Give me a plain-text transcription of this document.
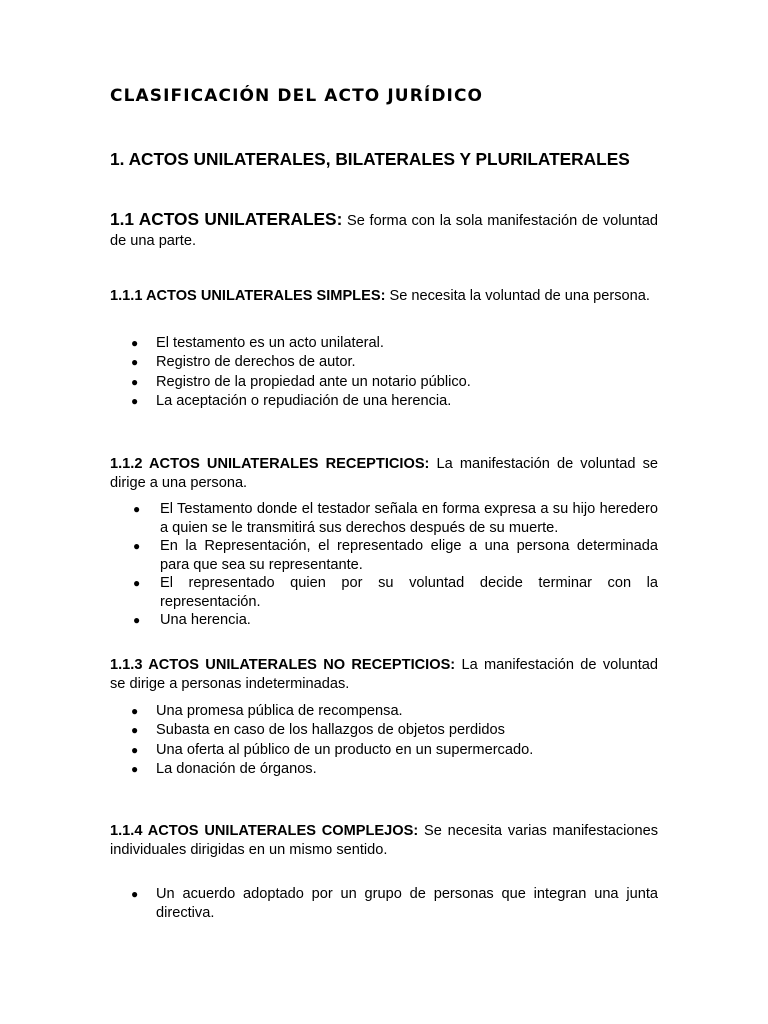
CLASIFICACIÓN DEL ACTO JURÍDICO
1. ACTOS UNILATERALES, BILATERALES Y PLURILATERALES
1.1 ACTOS UNILATERALES: Se forma con la sola manifestación de voluntad de una parte.
1.1.1 ACTOS UNILATERALES SIMPLES: Se necesita la voluntad de una persona.
● El testamento es un acto unilateral.
● Registro de derechos de autor.
● Registro de la propiedad ante un notario público.
● La aceptación o repudiación de una herencia.
1.1.2 ACTOS UNILATERALES RECEPTICIOS: La manifestación de voluntad se dirige a una persona.
● El Testamento donde el testador señala en forma expresa a su hijo heredero a quien se le transmitirá sus derechos después de su muerte.
● En la Representación, el representado elige a una persona determinada para que sea su representante.
● El representado quien por su voluntad decide terminar con la representación.
● Una herencia.
1.1.3 ACTOS UNILATERALES NO RECEPTICIOS: La manifestación de voluntad se dirige a personas indeterminadas.
● Una promesa pública de recompensa.
● Subasta en caso de los hallazgos de objetos perdidos
● Una oferta al público de un producto en un supermercado.
● La donación de órganos.
1.1.4 ACTOS UNILATERALES COMPLEJOS: Se necesita varias manifestaciones individuales dirigidas en un mismo sentido.
● Un acuerdo adoptado por un grupo de personas que integran una junta directiva.
